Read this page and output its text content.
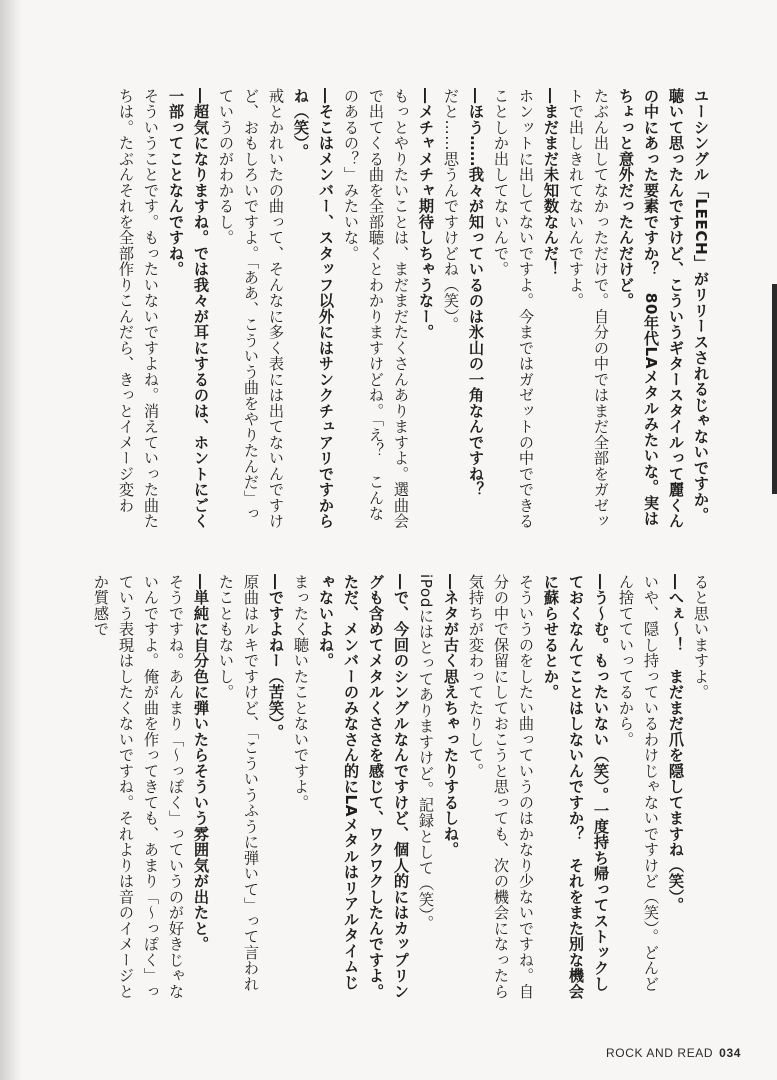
ユーシングル「LEECH」がリリースされるじゃないですか。聴いて思ったんですけど、こういうギタースタイルって麗くんの中にあった要素ですか？　80年代LAメタルみたいな。実はちょっと意外だったんだけど。
たぶん出してなかっただけで。自分の中ではまだ全部をガゼットで出しきれてないんですよ。
―まだまだ未知数なんだ！
ホンットに出してないですよ。今まではガゼットの中でできることしか出してないんで。
―ほう……我々が知っているのは氷山の一角なんですね？
だと……思うんですけどね（笑）。
―メチャメチャ期待しちゃうなー。
もっとやりたいことは、まだまだたくさんありますよ。選曲会で出てくる曲を全部聴くとわかりますけどね。「え？　こんなのあるの？」みたいな。
―そこはメンバー、スタッフ以外にはサンクチュアリですからね（笑）。
戒とかれいたの曲って、そんなに多く表には出てないんですけど、おもしろいですよ。「ああ、こういう曲をやりたんだ」っていうのがわかるし。
―超気になりますね。では我々が耳にするのは、ホントにごく一部ってことなんですね。
そういうことです。もったいないですよね。消えていった曲たちは。たぶんそれを全部作りこんだら、きっとイメージ変わ
ると思いますよ。
―へぇ～！　まだまだ爪を隠してますね（笑）。
いや、隠し持っているわけじゃないですけど（笑）。どんどん捨てていってるから。
―う～む。もったいない（笑）。一度持ち帰ってストックしておくなんてことはしないんですか？　それをまた別な機会に蘇らせるとか。
そういうのをしたい曲っていうのはかなり少ないですね。自分の中で保留にしておこうと思っても、次の機会になったら気持ちが変わってたりして。
―ネタが古く思えちゃったりするしね。
iPodにはとってありますけど。記録として（笑）。
―で、今回のシングルなんですけど、個人的にはカップリングも含めてメタルくささを感じて、ワクワクしたんですよ。ただ、メンバーのみなさん的にLAメタルはリアルタイムじゃないよね。
まったく聴いたことないですよ。
―ですよねー（苦笑）。
原曲はルキですけど、「こういうふうに弾いて」って言われたこともないし。
―単純に自分色に弾いたらそういう雰囲気が出たと。
そうですね。あんまり「～っぽく」っていうのが好きじゃないんですよ。俺が曲を作ってきても、あまり「～っぽく」っていう表現はしたくないですね。それよりは音のイメージとか質感で
ROCK AND READ 034
